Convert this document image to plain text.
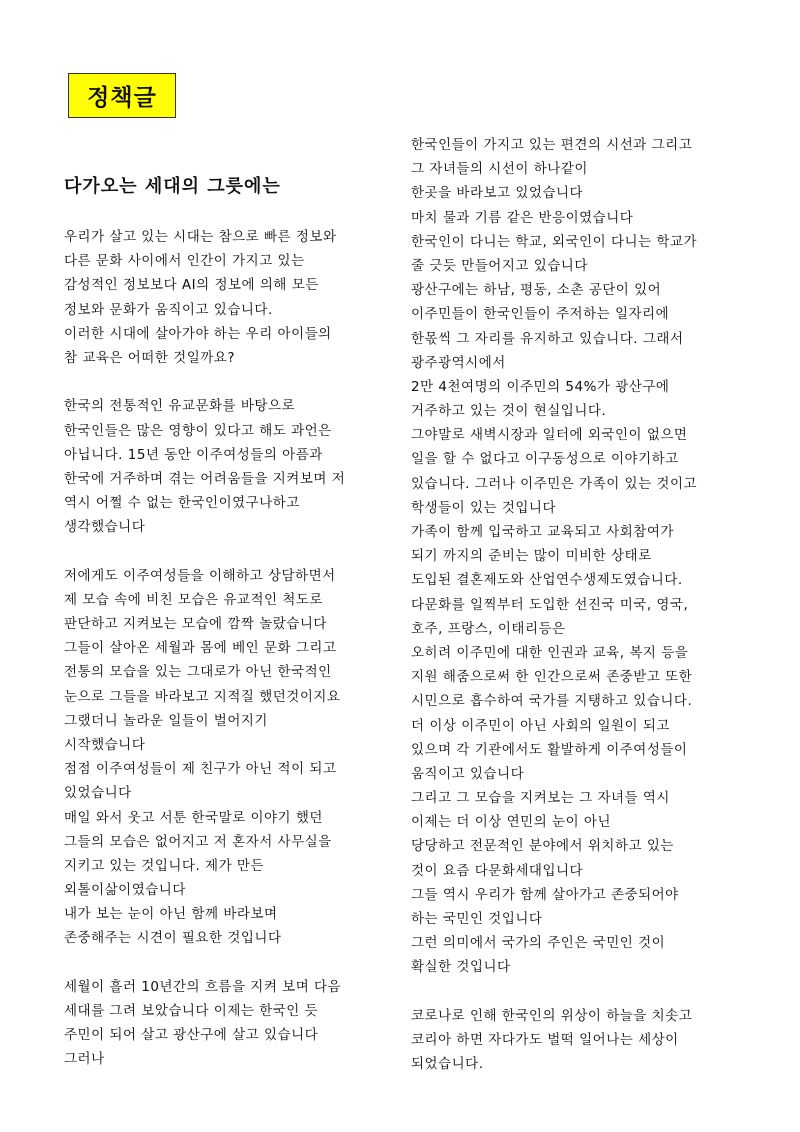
정책글
다가오는 세대의 그릇에는
우리가 살고 있는 시대는 참으로 빠른 정보와
다른 문화 사이에서 인간이 가지고 있는
감성적인 정보보다 AI의 정보에 의해 모든
정보와 문화가 움직이고 있습니다.
이러한 시대에 살아가야 하는 우리 아이들의
참 교육은 어떠한 것일까요?
한국의 전통적인 유교문화를 바탕으로
한국인들은 많은 영향이 있다고 해도 과언은
아닙니다. 15년 동안 이주여성들의 아픔과
한국에 거주하며 겪는 어려움들을 지켜보며 저
역시 어쩔 수 없는 한국인이였구나하고
생각했습니다
저에게도 이주여성들을 이해하고 상담하면서
제 모습 속에 비친 모습은 유교적인 척도로
판단하고 지켜보는 모습에 깜짝 놀랐습니다
그들이 살아온 세월과 몸에 베인 문화 그리고
전통의 모습을 있는 그대로가 아닌 한국적인
눈으로 그들을 바라보고 지적질 했던것이지요
그랬더니 놀라운 일들이 벌어지기
시작했습니다
점점 이주여성들이 제 친구가 아닌 적이 되고
있었습니다
매일 와서 웃고 서툰 한국말로 이야기 했던
그들의 모습은 없어지고 저 혼자서 사무실을
지키고 있는 것입니다. 제가 만든
외톨이삶이였습니다
내가 보는 눈이 아닌 함께 바라보며
존중해주는 시견이 필요한 것입니다
세월이 흘러 10년간의 흐름을 지켜 보며 다음
세대를 그려 보았습니다 이제는 한국인 듯
주민이 되어 살고 광산구에 살고 있습니다
그러나
한국인들이 가지고 있는 편견의 시선과 그리고
그 자녀들의 시선이 하나같이
한곳을 바라보고 있었습니다
마치 물과 기름 같은 반응이였습니다
한국인이 다니는 학교, 외국인이 다니는 학교가
줄 긋듯 만들어지고 있습니다
광산구에는 하남, 평동, 소촌 공단이 있어
이주민들이 한국인들이 주저하는 일자리에
한몫씩 그 자리를 유지하고 있습니다. 그래서
광주광역시에서
2만 4천여명의 이주민의 54%가 광산구에
거주하고 있는 것이 현실입니다.
그야말로 새벽시장과 일터에 외국인이 없으면
일을 할 수 없다고 이구동성으로 이야기하고
있습니다. 그러나 이주민은 가족이 있는 것이고
학생들이 있는 것입니다
가족이 함께 입국하고 교육되고 사회참여가
되기 까지의 준비는 많이 미비한 상태로
도입된 결혼제도와 산업연수생제도였습니다.
다문화를 일찍부터 도입한 선진국 미국, 영국,
호주, 프랑스, 이태리등은
오히려 이주민에 대한 인권과 교육, 복지 등을
지원 해줌으로써 한 인간으로써 존중받고 또한
시민으로 흡수하여 국가를 지탱하고 있습니다.
더 이상 이주민이 아닌 사회의 일원이 되고
있으며 각 기관에서도 활발하게 이주여성들이
움직이고 있습니다
그리고 그 모습을 지켜보는 그 자녀들 역시
이제는 더 이상 연민의 눈이 아닌
당당하고 전문적인 분야에서 위치하고 있는
것이 요즘 다문화세대입니다
그들 역시 우리가 함께 살아가고 존중되어야
하는 국민인 것입니다
그런 의미에서 국가의 주인은 국민인 것이
확실한 것입니다
코로나로 인해 한국인의 위상이 하늘을 치솟고
코리아 하면 자다가도 벌떡 일어나는 세상이
되었습니다.
